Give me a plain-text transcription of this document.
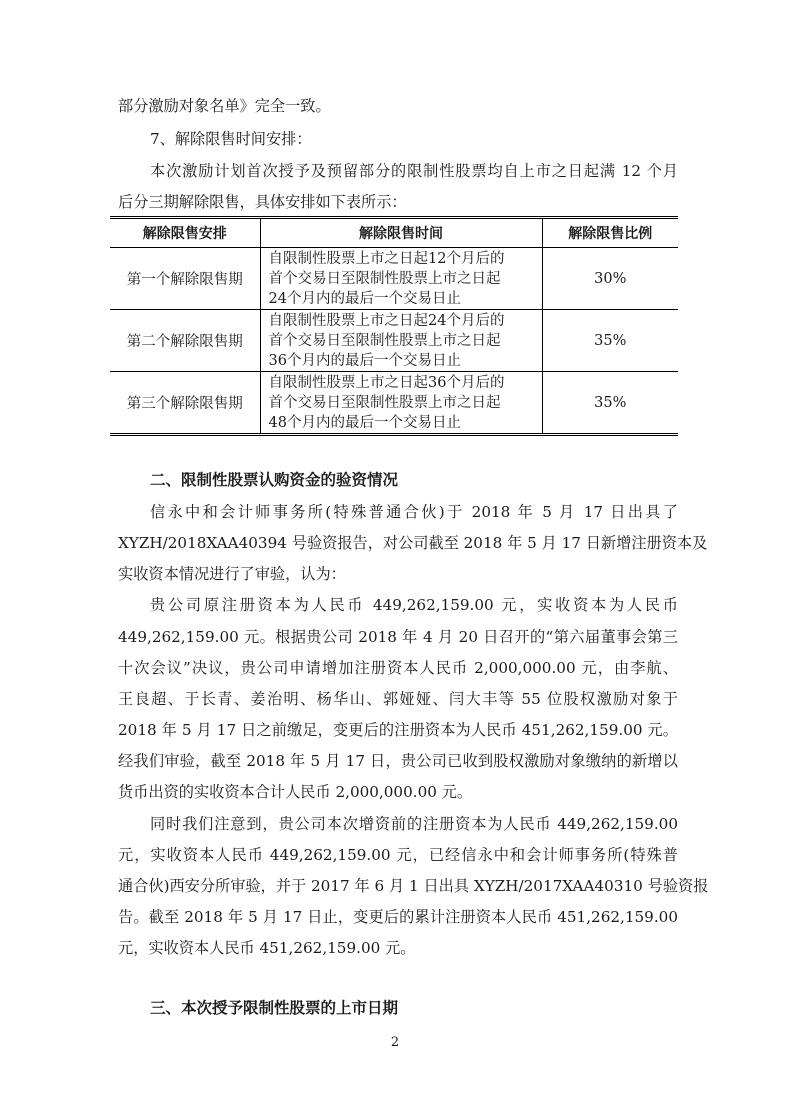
部分激励对象名单》完全一致。
7、解除限售时间安排：
本次激励计划首次授予及预留部分的限制性股票均自上市之日起满 12 个月
后分三期解除限售，具体安排如下表所示：
解除限售安排	解除限售时间	解除限售比例
第一个解除限售期	自限制性股票上市之日起12个月后的
首个交易日至限制性股票上市之日起
24个月内的最后一个交易日止	30%
第二个解除限售期	自限制性股票上市之日起24个月后的
首个交易日至限制性股票上市之日起
36个月内的最后一个交易日止	35%
第三个解除限售期	自限制性股票上市之日起36个月后的
首个交易日至限制性股票上市之日起
48个月内的最后一个交易日止	35%
二、限制性股票认购资金的验资情况
信永中和会计师事务所(特殊普通合伙)于 2018 年 5 月 17 日出具了
XYZH/2018XAA40394 号验资报告，对公司截至 2018 年 5 月 17 日新增注册资本及
实收资本情况进行了审验，认为：
贵公司原注册资本为人民币 449,262,159.00 元，实收资本为人民币
449,262,159.00 元。根据贵公司 2018 年 4 月 20 日召开的“第六届董事会第三
十次会议”决议，贵公司申请增加注册资本人民币 2,000,000.00 元，由李航、
王良超、于长青、姜治明、杨华山、郭娅娅、闫大丰等 55 位股权激励对象于
2018 年 5 月 17 日之前缴足，变更后的注册资本为人民币 451,262,159.00 元。
经我们审验，截至 2018 年 5 月 17 日，贵公司已收到股权激励对象缴纳的新增以
货币出资的实收资本合计人民币 2,000,000.00 元。
同时我们注意到，贵公司本次增资前的注册资本为人民币 449,262,159.00
元，实收资本人民币 449,262,159.00 元，已经信永中和会计师事务所(特殊普
通合伙)西安分所审验，并于 2017 年 6 月 1 日出具 XYZH/2017XAA40310 号验资报
告。截至 2018 年 5 月 17 日止，变更后的累计注册资本人民币 451,262,159.00
元，实收资本人民币 451,262,159.00 元。
三、本次授予限制性股票的上市日期
2
